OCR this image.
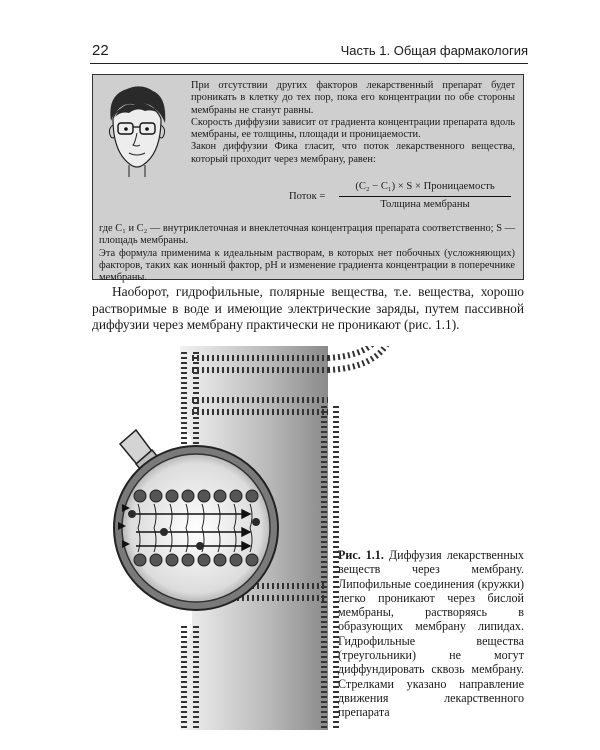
22	Часть 1. Общая фармакология

При отсутствии других факторов лекарственный препарат будет проникать в клетку до тех пор, пока его концентрации по обе стороны мембраны не станут равны.

Скорость диффузии зависит от градиента концентрации препарата вдоль мембраны, ее толщины, площади и проницаемости.

Закон диффузии Фика гласит, что поток лекарственного вещества, который проходит через мембрану, равен:

Поток =
(C₂ − C₁) × S × Проницаемость
Толщина мембраны

где C₁ и C₂ — внутриклеточная и внеклеточная концентрация препарата соответственно; S — площадь мембраны.

Эта формула применима к идеальным растворам, в которых нет побочных (усложняющих) факторов, таких как ионный фактор, pH и изменение градиента концентрации в поперечнике мембраны.

Наоборот, гидрофильные, полярные вещества, т.е. вещества, хорошо растворимые в воде и имеющие электрические заряды, путем пассивной диффузии через мембрану практически не проникают (рис. 1.1).
Рис. 1.1. Диффузия лекарственных веществ через мембрану. Липофильные соединения (кружки) легко проникают через бислой мембраны, растворяясь в образующих мембрану липидах. Гидрофильные вещества (треугольники) не могут диффундировать сквозь мембрану. Стрелками указано направление движения лекарственного препарата
